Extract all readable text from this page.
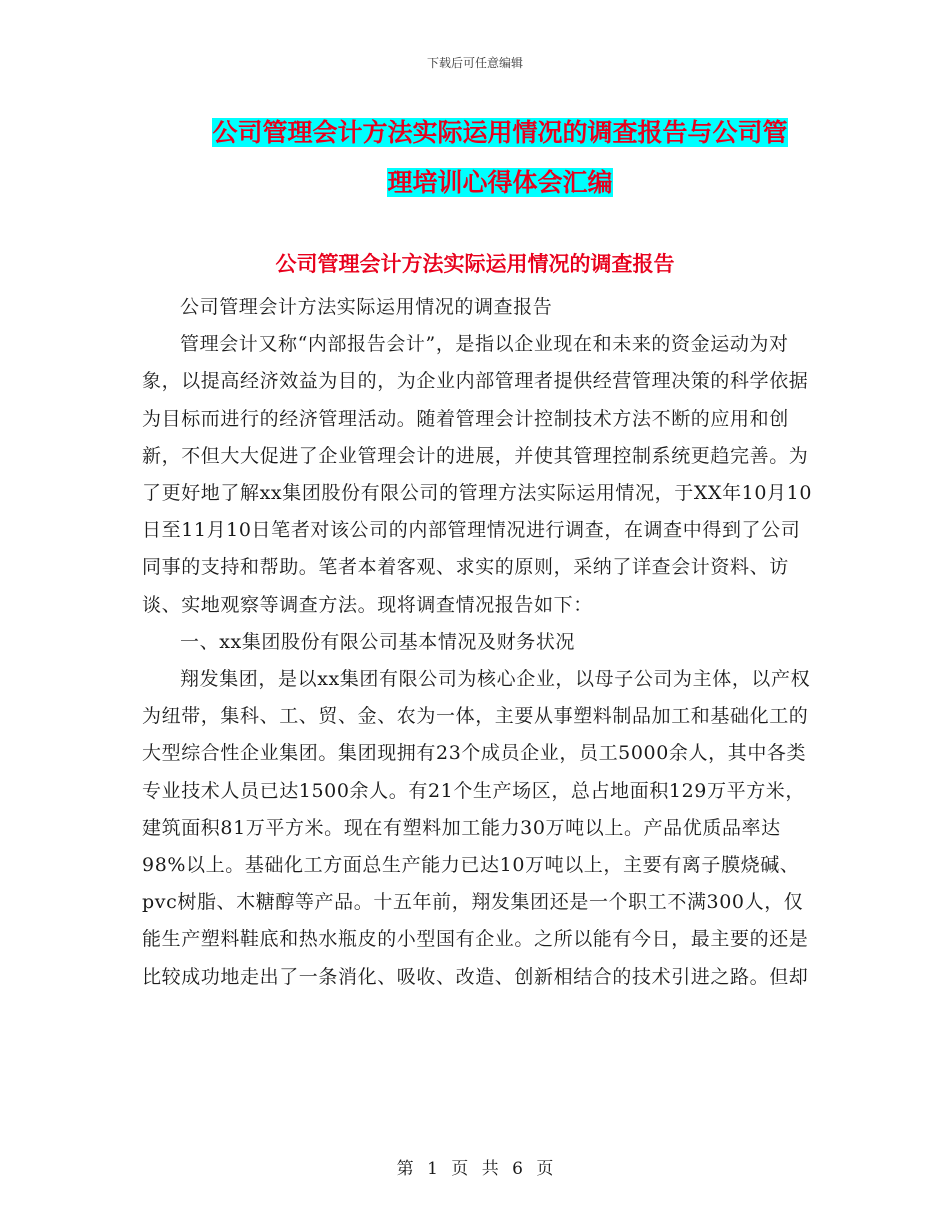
下载后可任意编辑
公司管理会计方法实际运用情况的调查报告与公司管
理培训心得体会汇编
公司管理会计方法实际运用情况的调查报告

公司管理会计方法实际运用情况的调查报告

管理会计又称“内部报告会计”，是指以企业现在和未来的资金运动为对象，以提高经济效益为目的，为企业内部管理者提供经营管理决策的科学依据为目标而进行的经济管理活动。随着管理会计控制技术方法不断的应用和创新，不但大大促进了企业管理会计的进展，并使其管理控制系统更趋完善。为了更好地了解xx集团股份有限公司的管理方法实际运用情况，于XX年10月10日至11月10日笔者对该公司的内部管理情况进行调查，在调查中得到了公司同事的支持和帮助。笔者本着客观、求实的原则，采纳了详查会计资料、访谈、实地观察等调查方法。现将调查情况报告如下：

一、xx集团股份有限公司基本情况及财务状况

翔发集团，是以xx集团有限公司为核心企业，以母子公司为主体，以产权为纽带，集科、工、贸、金、农为一体，主要从事塑料制品加工和基础化工的大型综合性企业集团。集团现拥有23个成员企业，员工5000余人，其中各类专业技术人员已达1500余人。有21个生产场区，总占地面积129万平方米，建筑面积81万平方米。现在有塑料加工能力30万吨以上。产品优质品率达98%以上。基础化工方面总生产能力已达10万吨以上，主要有离子膜烧碱、pvc树脂、木糖醇等产品。十五年前，翔发集团还是一个职工不满300人，仅能生产塑料鞋底和热水瓶皮的小型国有企业。之所以能有今日，最主要的还是比较成功地走出了一条消化、吸收、改造、创新相结合的技术引进之路。但却

第 1 页 共 6 页
